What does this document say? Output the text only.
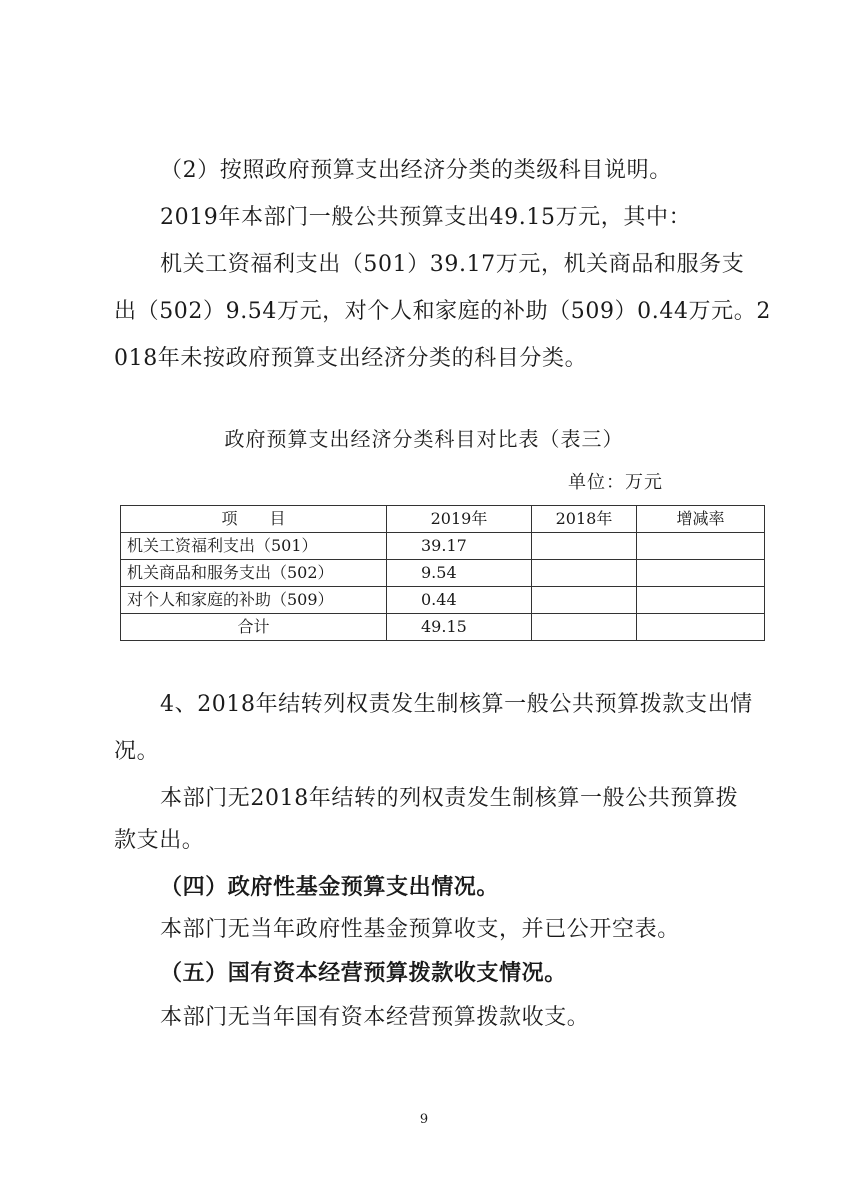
（2）按照政府预算支出经济分类的类级科目说明。
2019年本部门一般公共预算支出49.15万元，其中：
机关工资福利支出（501）39.17万元，机关商品和服务支
出（502）9.54万元，对个人和家庭的补助（509）0.44万元。2
018年未按政府预算支出经济分类的科目分类。
政府预算支出经济分类科目对比表（表三）
单位：万元
项　　目	2019年	2018年	增减率
机关工资福利支出（501）	39.17		
机关商品和服务支出（502）	9.54		
对个人和家庭的补助（509）	0.44		
合计	49.15		
4、2018年结转列权责发生制核算一般公共预算拨款支出情
况。
本部门无2018年结转的列权责发生制核算一般公共预算拨
款支出。
（四）政府性基金预算支出情况。
本部门无当年政府性基金预算收支，并已公开空表。
（五）国有资本经营预算拨款收支情况。
本部门无当年国有资本经营预算拨款收支。
9
